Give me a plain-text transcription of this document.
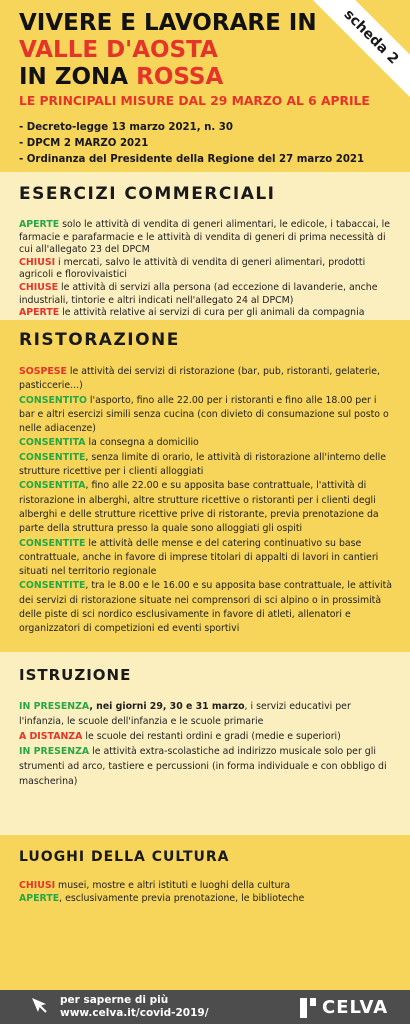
VIVERE E LAVORARE IN
VALLE D'AOSTA
IN ZONA ROSSA
LE PRINCIPALI MISURE DAL 29 MARZO AL 6 APRILE
- Decreto-legge 13 marzo 2021, n. 30
- DPCM 2 MARZO 2021
- Ordinanza del Presidente della Regione del 27 marzo 2021
scheda 2
ESERCIZI COMMERCIALI

APERTE solo le attività di vendita di generi alimentari, le edicole, i tabaccai, le farmacie e parafarmacie e le attività di vendita di generi di prima necessità di cui all'allegato 23 del DPCM

CHIUSI i mercati, salvo le attività di vendita di generi alimentari, prodotti agricoli e florovivaistici

CHIUSE le attività di servizi alla persona (ad eccezione di lavanderie, anche industriali, tintorie e altri indicati nell'allegato 24 al DPCM)

APERTE le attività relative ai servizi di cura per gli animali da compagnia

RISTORAZIONE

SOSPESE le attività dei servizi di ristorazione (bar, pub, ristoranti, gelaterie, pasticcerie...)

CONSENTITO l'asporto, fino alle 22.00 per i ristoranti e fino alle 18.00 per i bar e altri esercizi simili senza cucina (con divieto di consumazione sul posto o nelle adiacenze)

CONSENTITA la consegna a domicilio

CONSENTITE, senza limite di orario, le attività di ristorazione all'interno delle strutture ricettive per i clienti alloggiati

CONSENTITA, fino alle 22.00 e su apposita base contrattuale, l'attività di ristorazione in alberghi, altre strutture ricettive o ristoranti per i clienti degli alberghi e delle strutture ricettive prive di ristorante, previa prenotazione da parte della struttura presso la quale sono alloggiati gli ospiti

CONSENTITE le attività delle mense e del catering continuativo su base contrattuale, anche in favore di imprese titolari di appalti di lavori in cantieri situati nel territorio regionale

CONSENTITE, tra le 8.00 e le 16.00 e su apposita base contrattuale, le attività dei servizi di ristorazione situate nei comprensori di sci alpino o in prossimità delle piste di sci nordico esclusivamente in favore di atleti, allenatori e organizzatori di competizioni ed eventi sportivi

ISTRUZIONE

IN PRESENZA, nei giorni 29, 30 e 31 marzo, i servizi educativi per l'infanzia, le scuole dell'infanzia e le scuole primarie

A DISTANZA le scuole dei restanti ordini e gradi (medie e superiori)

IN PRESENZA le attività extra-scolastiche ad indirizzo musicale solo per gli strumenti ad arco, tastiere e percussioni (in forma individuale e con obbligo di mascherina)

LUOGHI DELLA CULTURA

CHIUSI musei, mostre e altri istituti e luoghi della cultura

APERTE, esclusivamente previa prenotazione, le biblioteche

per saperne di più
www.celva.it/covid-2019/	CELVA
